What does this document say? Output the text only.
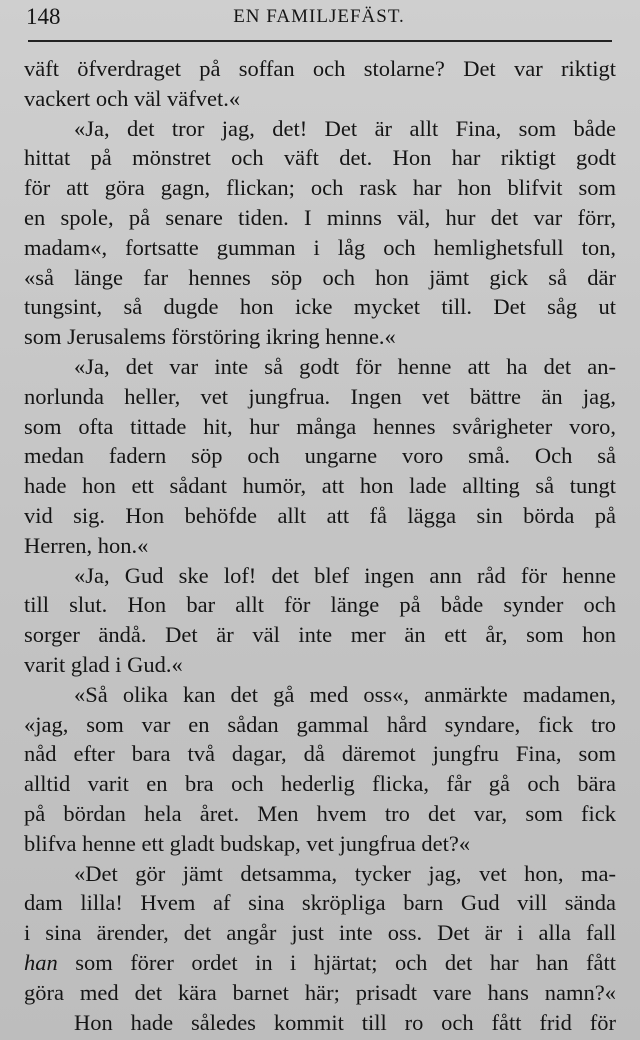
148	EN FAMILJEFÄST.
väft öfverdraget på soffan och stolarne? Det var riktigt
vackert och väl väfvet.«
«Ja, det tror jag, det! Det är allt Fina, som både
hittat på mönstret och väft det. Hon har riktigt godt
för att göra gagn, flickan; och rask har hon blifvit som
en spole, på senare tiden. I minns väl, hur det var förr,
madam«, fortsatte gumman i låg och hemlighetsfull ton,
«så länge far hennes söp och hon jämt gick så där
tungsint, så dugde hon icke mycket till. Det såg ut
som Jerusalems förstöring ikring henne.«
«Ja, det var inte så godt för henne att ha det an-
norlunda heller, vet jungfrua. Ingen vet bättre än jag,
som ofta tittade hit, hur många hennes svårigheter voro,
medan fadern söp och ungarne voro små. Och så
hade hon ett sådant humör, att hon lade allting så tungt
vid sig. Hon behöfde allt att få lägga sin börda på
Herren, hon.«
«Ja, Gud ske lof! det blef ingen ann råd för henne
till slut. Hon bar allt för länge på både synder och
sorger ändå. Det är väl inte mer än ett år, som hon
varit glad i Gud.«
«Så olika kan det gå med oss«, anmärkte madamen,
«jag, som var en sådan gammal hård syndare, fick tro
nåd efter bara två dagar, då däremot jungfru Fina, som
alltid varit en bra och hederlig flicka, får gå och bära
på bördan hela året. Men hvem tro det var, som fick
blifva henne ett gladt budskap, vet jungfrua det?«
«Det gör jämt detsamma, tycker jag, vet hon, ma-
dam lilla! Hvem af sina skröpliga barn Gud vill sända
i sina ärender, det angår just inte oss. Det är i alla fall
han som förer ordet in i hjärtat; och det har han fått
göra med det kära barnet här; prisadt vare hans namn?«
Hon hade således kommit till ro och fått frid för
